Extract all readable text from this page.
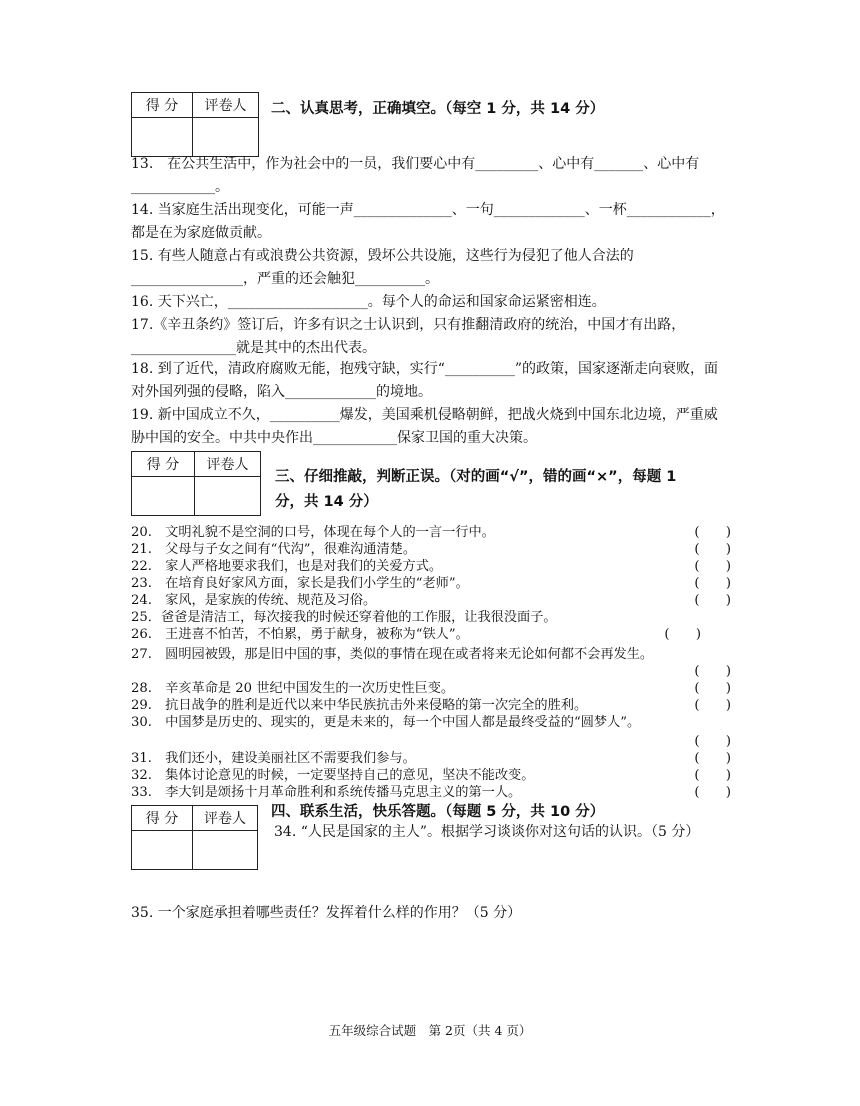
得 分	评卷人
	二、认真思考，正确填空。（每空 1 分，共 14 分）
13.　在公共生活中，作为社会中的一员，我们要心中有_________、心中有_______、心中有____________。
14. 当家庭生活出现变化，可能一声______________、一句_____________、一杯____________，都是在为家庭做贡献。
15. 有些人随意占有或浪费公共资源，毁坏公共设施，这些行为侵犯了他人合法的________________，严重的还会触犯__________。
16. 天下兴亡，____________________。每个人的命运和国家命运紧密相连。
17.《辛丑条约》签订后，许多有识之士认识到，只有推翻清政府的统治，中国才有出路，_______________就是其中的杰出代表。
18. 到了近代，清政府腐败无能，抱残守缺，实行“__________”的政策，国家逐渐走向衰败，面对外国列强的侵略，陷入_____________的境地。
19. 新中国成立不久，__________爆发，美国乘机侵略朝鲜，把战火烧到中国东北边境，严重威胁中国的安全。中共中央作出____________保家卫国的重大决策。
得 分	评卷人

三、仔细推敲，判断正误。（对的画“√”，错的画“×”，每题 1
分，共 14 分）
20.　文明礼貌不是空洞的口号，体现在每个人的一言一行中。	(　　)
21.　父母与子女之间有“代沟”，很难沟通清楚。	(　　)
22.　家人严格地要求我们，也是对我们的关爱方式。	(　　)
23.　在培育良好家风方面，家长是我们小学生的“老师”。	(　　)
24.　家风，是家族的传统、规范及习俗。	(　　)
25．爸爸是清洁工，每次接我的时候还穿着他的工作服，让我很没面子。
26.　王进喜不怕苦，不怕累，勇于献身，被称为“铁人”。	(　　)
27.　圆明园被毁，那是旧中国的事，类似的事情在现在或者将来无论如何都不会再发生。
(　　)
28.　辛亥革命是 20 世纪中国发生的一次历史性巨变。	(　　)
29.　抗日战争的胜利是近代以来中华民族抗击外来侵略的第一次完全的胜利。	(　　)
30.　中国梦是历史的、现实的，更是未来的，每一个中国人都是最终受益的“圆梦人”。
(　　)
31.　我们还小，建设美丽社区不需要我们参与。	(　　)
32.　集体讨论意见的时候，一定要坚持自己的意见，坚决不能改变。	(　　)
33.　李大钊是颂扬十月革命胜利和系统传播马克思主义的第一人。	(　　)
四、联系生活，快乐答题。（每题 5 分，共 10 分）
得 分	评卷人

34. “人民是国家的主人”。根据学习谈谈你对这句话的认识。（5 分）
35. 一个家庭承担着哪些责任？发挥着什么样的作用？（5 分）
五年级综合试题　第 2页（共 4 页）
